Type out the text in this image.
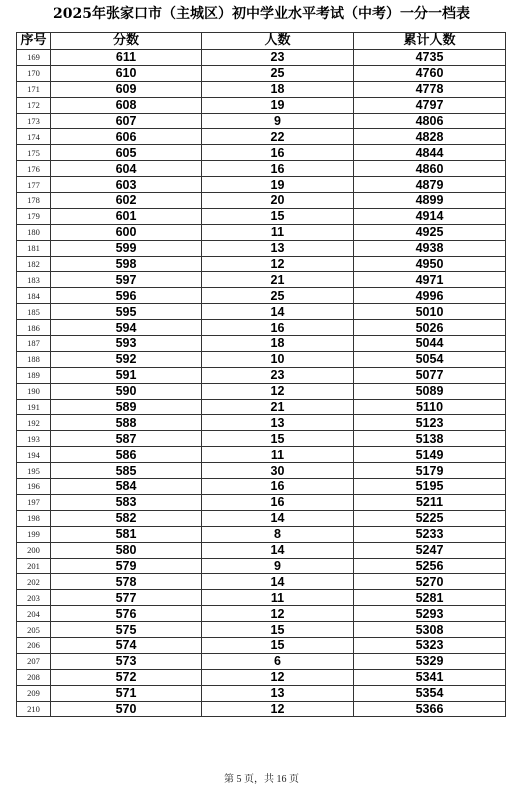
2025年张家口市（主城区）初中学业水平考试（中考）一分一档表
序号	分数	人数	累计人数
169	611	23	4735
170	610	25	4760
171	609	18	4778
172	608	19	4797
173	607	9	4806
174	606	22	4828
175	605	16	4844
176	604	16	4860
177	603	19	4879
178	602	20	4899
179	601	15	4914
180	600	11	4925
181	599	13	4938
182	598	12	4950
183	597	21	4971
184	596	25	4996
185	595	14	5010
186	594	16	5026
187	593	18	5044
188	592	10	5054
189	591	23	5077
190	590	12	5089
191	589	21	5110
192	588	13	5123
193	587	15	5138
194	586	11	5149
195	585	30	5179
196	584	16	5195
197	583	16	5211
198	582	14	5225
199	581	8	5233
200	580	14	5247
201	579	9	5256
202	578	14	5270
203	577	11	5281
204	576	12	5293
205	575	15	5308
206	574	15	5323
207	573	6	5329
208	572	12	5341
209	571	13	5354
210	570	12	5366
第 5 页，共 16 页
